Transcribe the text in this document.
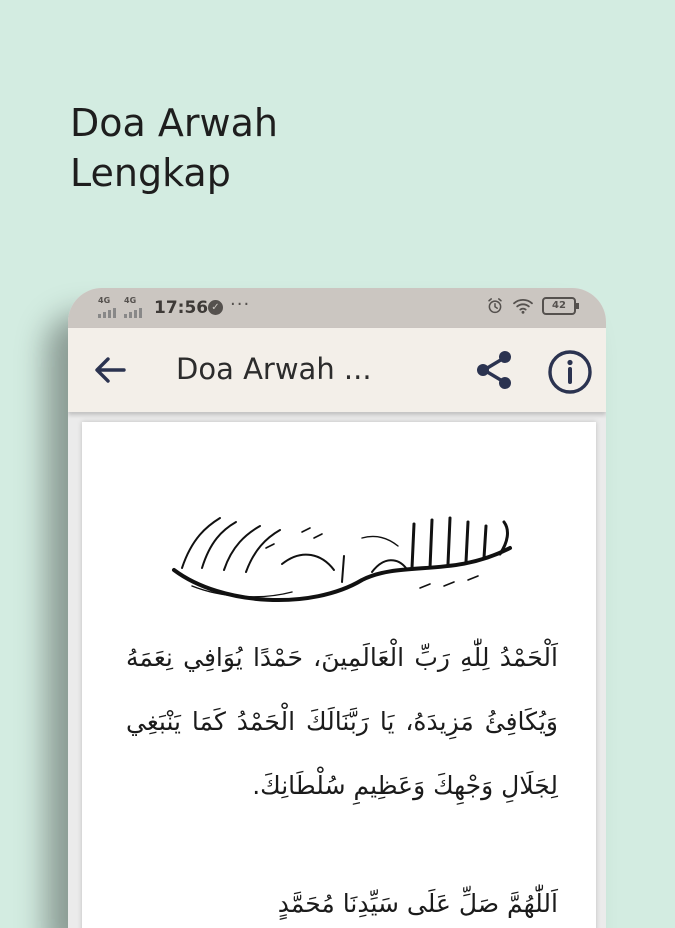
Doa Arwah
Lengkap
4G 4G 17:56 ✓ ···	42
Doa Arwah ...

اَلْحَمْدُ لِلّٰهِ رَبِّ الْعَالَمِينَ، حَمْدًا يُوَافِي نِعَمَهُ وَيُكَافِئُ مَزِيدَهُ، يَا رَبَّنَالَكَ الْحَمْدُ كَمَا يَنْبَغِي لِجَلَالِ وَجْهِكَ وَعَظِيمِ سُلْطَانِكَ.

اَللّٰهُمَّ صَلِّ عَلَى سَيِّدِنَا مُحَمَّدٍ
